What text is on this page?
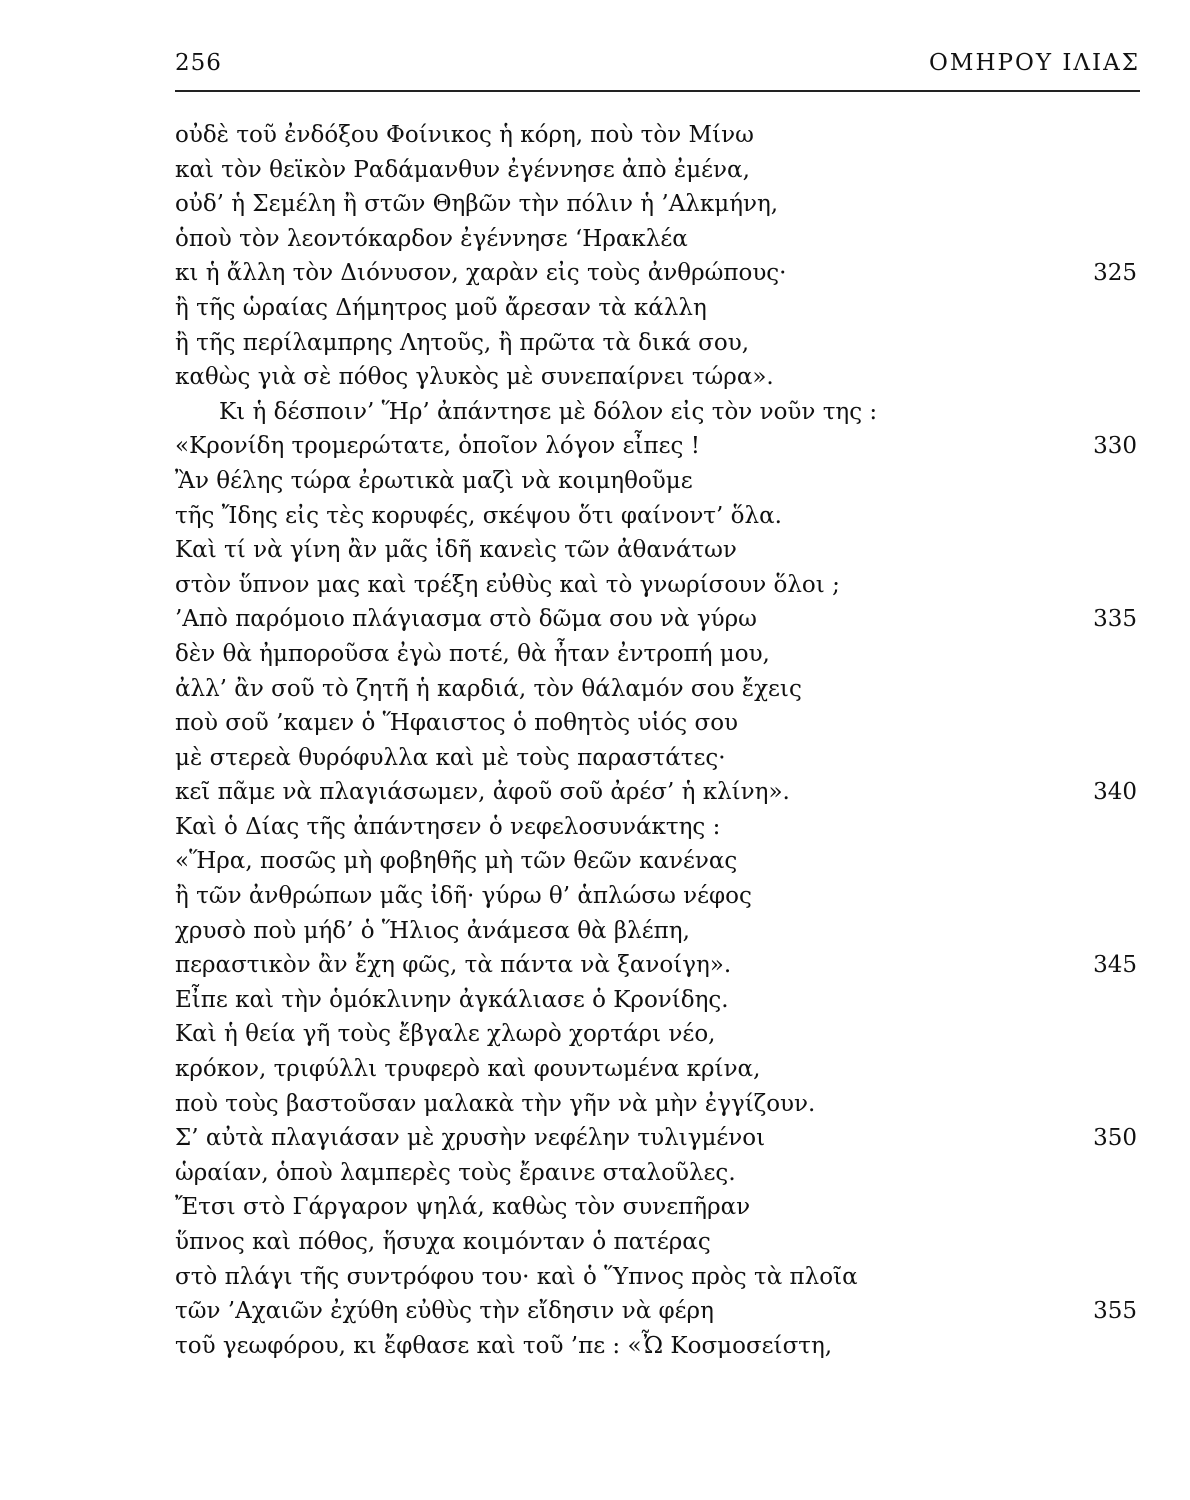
256	ΟΜΗΡΟΥ ΙΛΙΑΣ
οὐδὲ τοῦ ἐνδόξου Φοίνικος ἡ κόρη, ποὺ τὸν Μίνω
καὶ τὸν θεϊκὸν Ραδάμανθυν ἐγέννησε ἀπὸ ἐμένα,
οὐδ’ ἡ Σεμέλη ἢ στῶν Θηβῶν τὴν πόλιν ἡ ’Αλκμήνη,
ὁποὺ τὸν λεοντόκαρδον ἐγέννησε ‘Ηρακλέα
κι ἡ ἄλλη τὸν Διόνυσον, χαρὰν εἰς τοὺς ἀνθρώπους·	325
ἢ τῆς ὡραίας Δήμητρος μοῦ ἄρεσαν τὰ κάλλη
ἢ τῆς περίλαμπρης Λητοῦς, ἢ πρῶτα τὰ δικά σου,
καθὼς γιὰ σὲ πόθος γλυκὸς μὲ συνεπαίρνει τώρα».
Κι ἡ δέσποιν’ Ἥρ’ ἀπάντησε μὲ δόλον εἰς τὸν νοῦν της :
«Κρονίδη τρομερώτατε, ὁποῖον λόγον εἶπες !	330
Ἂν θέλης τώρα ἐρωτικὰ μαζὶ νὰ κοιμηθοῦμε
τῆς Ἴδης εἰς τὲς κορυφές, σκέψου ὅτι φαίνοντ’ ὅλα.
Καὶ τί νὰ γίνη ἂν μᾶς ἰδῆ κανεὶς τῶν ἀθανάτων
στὸν ὕπνον μας καὶ τρέξη εὐθὺς καὶ τὸ γνωρίσουν ὅλοι ;
’Απὸ παρόμοιο πλάγιασμα στὸ δῶμα σου νὰ γύρω	335
δὲν θὰ ἠμποροῦσα ἐγὼ ποτέ, θὰ ἦταν ἐντροπή μου,
ἀλλ’ ἂν σοῦ τὸ ζητῆ ἡ καρδιά, τὸν θάλαμόν σου ἔχεις
ποὺ σοῦ ’καμεν ὁ Ἥφαιστος ὁ ποθητὸς υἱός σου
μὲ στερεὰ θυρόφυλλα καὶ μὲ τοὺς παραστάτες·
κεῖ πᾶμε νὰ πλαγιάσωμεν, ἀφοῦ σοῦ ἀρέσ’ ἡ κλίνη».	340
Καὶ ὁ Δίας τῆς ἀπάντησεν ὁ νεφελοσυνάκτης :
«Ἥρα, ποσῶς μὴ φοβηθῆς μὴ τῶν θεῶν κανένας
ἢ τῶν ἀνθρώπων μᾶς ἰδῆ· γύρω θ’ ἁπλώσω νέφος
χρυσὸ ποὺ μήδ’ ὁ Ἥλιος ἀνάμεσα θὰ βλέπη,
περαστικὸν ἂν ἔχη φῶς, τὰ πάντα νὰ ξανοίγη».	345
Εἶπε καὶ τὴν ὁμόκλινην ἀγκάλιασε ὁ Κρονίδης.
Καὶ ἡ θεία γῆ τοὺς ἔβγαλε χλωρὸ χορτάρι νέο,
κρόκον, τριφύλλι τρυφερὸ καὶ φουντωμένα κρίνα,
ποὺ τοὺς βαστοῦσαν μαλακὰ τὴν γῆν νὰ μὴν ἐγγίζουν.
Σ’ αὐτὰ πλαγιάσαν μὲ χρυσὴν νεφέλην τυλιγμένοι	350
ὡραίαν, ὁποὺ λαμπερὲς τοὺς ἔραινε σταλοῦλες.
Ἔτσι στὸ Γάργαρον ψηλά, καθὼς τὸν συνεπῆραν
ὕπνος καὶ πόθος, ἥσυχα κοιμόνταν ὁ πατέρας
στὸ πλάγι τῆς συντρόφου του· καὶ ὁ Ὕπνος πρὸς τὰ πλοῖα
τῶν ’Αχαιῶν ἐχύθη εὐθὺς τὴν εἴδησιν νὰ φέρη	355
τοῦ γεωφόρου, κι ἔφθασε καὶ τοῦ ’πε : «Ὦ Κοσμοσείστη,
